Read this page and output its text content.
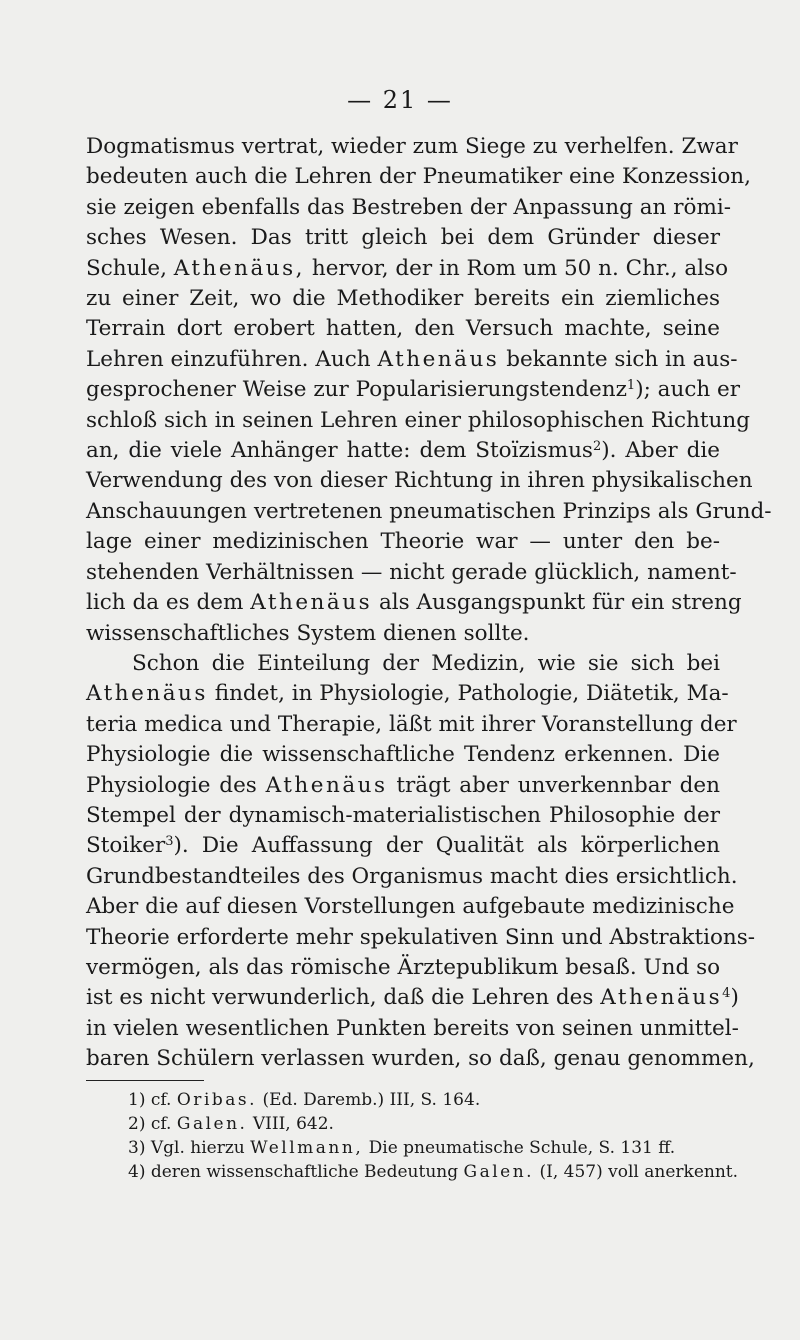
— 21 —
Dogmatismus vertrat, wieder zum Siege zu verhelfen. Zwar
bedeuten auch die Lehren der Pneumatiker eine Konzession,
sie zeigen ebenfalls das Bestreben der Anpassung an römi-
sches Wesen. Das tritt gleich bei dem Gründer dieser
Schule, Athenäus, hervor, der in Rom um 50 n. Chr., also
zu einer Zeit, wo die Methodiker bereits ein ziemliches
Terrain dort erobert hatten, den Versuch machte, seine
Lehren einzuführen. Auch Athenäus bekannte sich in aus-
gesprochener Weise zur Popularisierungstendenz$^1$); auch er
schloß sich in seinen Lehren einer philosophischen Richtung
an, die viele Anhänger hatte: dem Stoïzismus$^2$). Aber die
Verwendung des von dieser Richtung in ihren physikalischen
Anschauungen vertretenen pneumatischen Prinzips als Grund-
lage einer medizinischen Theorie war — unter den be-
stehenden Verhältnissen — nicht gerade glücklich, nament-
lich da es dem Athenäus als Ausgangspunkt für ein streng
wissenschaftliches System dienen sollte.
Schon die Einteilung der Medizin, wie sie sich bei
Athenäus findet, in Physiologie, Pathologie, Diätetik, Ma-
teria medica und Therapie, läßt mit ihrer Voranstellung der
Physiologie die wissenschaftliche Tendenz erkennen. Die
Physiologie des Athenäus trägt aber unverkennbar den
Stempel der dynamisch-materialistischen Philosophie der
Stoiker$^3$). Die Auffassung der Qualität als körperlichen
Grundbestandteiles des Organismus macht dies ersichtlich.
Aber die auf diesen Vorstellungen aufgebaute medizinische
Theorie erforderte mehr spekulativen Sinn und Abstraktions-
vermögen, als das römische Ärztepublikum besaß. Und so
ist es nicht verwunderlich, daß die Lehren des Athenäus$^4$)
in vielen wesentlichen Punkten bereits von seinen unmittel-
baren Schülern verlassen wurden, so daß, genau genommen,
1) cf. Oribas. (Ed. Daremb.) III, S. 164.
2) cf. Galen. VIII, 642.
3) Vgl. hierzu Wellmann, Die pneumatische Schule, S. 131 ff.
4) deren wissenschaftliche Bedeutung Galen. (I, 457) voll anerkennt.
